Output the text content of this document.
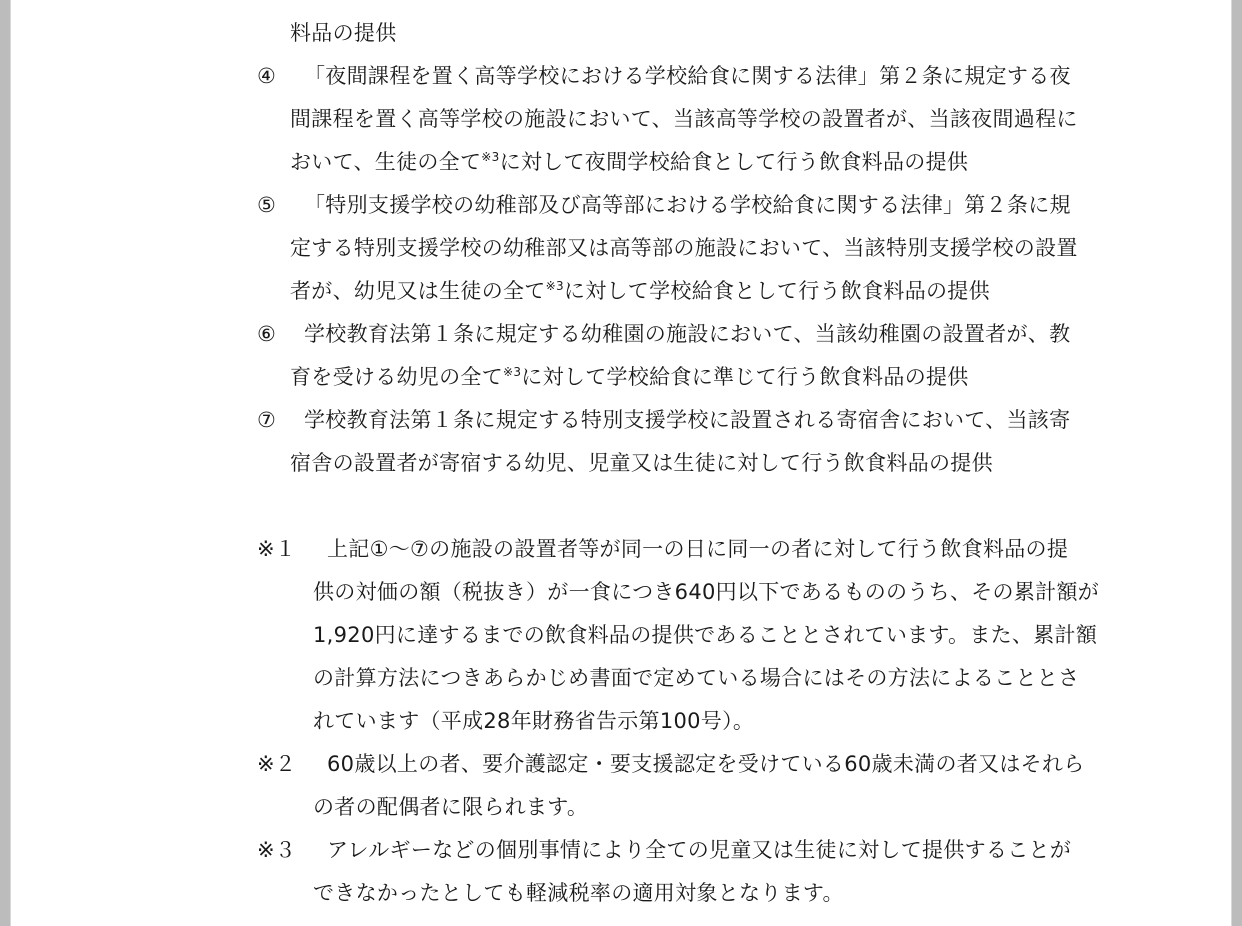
料品の提供
④ 「夜間課程を置く高等学校における学校給食に関する法律」第２条に規定する夜
間課程を置く高等学校の施設において、当該高等学校の設置者が、当該夜間過程に
おいて、生徒の全て$^{※3}$に対して夜間学校給食として行う飲食料品の提供
⑤ 「特別支援学校の幼稚部及び高等部における学校給食に関する法律」第２条に規
定する特別支援学校の幼稚部又は高等部の施設において、当該特別支援学校の設置
者が、幼児又は生徒の全て$^{※3}$に対して学校給食として行う飲食料品の提供
⑥ 学校教育法第１条に規定する幼稚園の施設において、当該幼稚園の設置者が、教
育を受ける幼児の全て$^{※3}$に対して学校給食に準じて行う飲食料品の提供
⑦ 学校教育法第１条に規定する特別支援学校に設置される寄宿舎において、当該寄
宿舎の設置者が寄宿する幼児、児童又は生徒に対して行う飲食料品の提供
※１ 上記①～⑦の施設の設置者等が同一の日に同一の者に対して行う飲食料品の提
供の対価の額（税抜き）が一食につき640円以下であるもののうち、その累計額が
1,920円に達するまでの飲食料品の提供であることとされています。また、累計額
の計算方法につきあらかじめ書面で定めている場合にはその方法によることとさ
れています（平成28年財務省告示第100号）。
※２ 60歳以上の者、要介護認定・要支援認定を受けている60歳未満の者又はそれら
の者の配偶者に限られます。
※３ アレルギーなどの個別事情により全ての児童又は生徒に対して提供することが
できなかったとしても軽減税率の適用対象となります。
